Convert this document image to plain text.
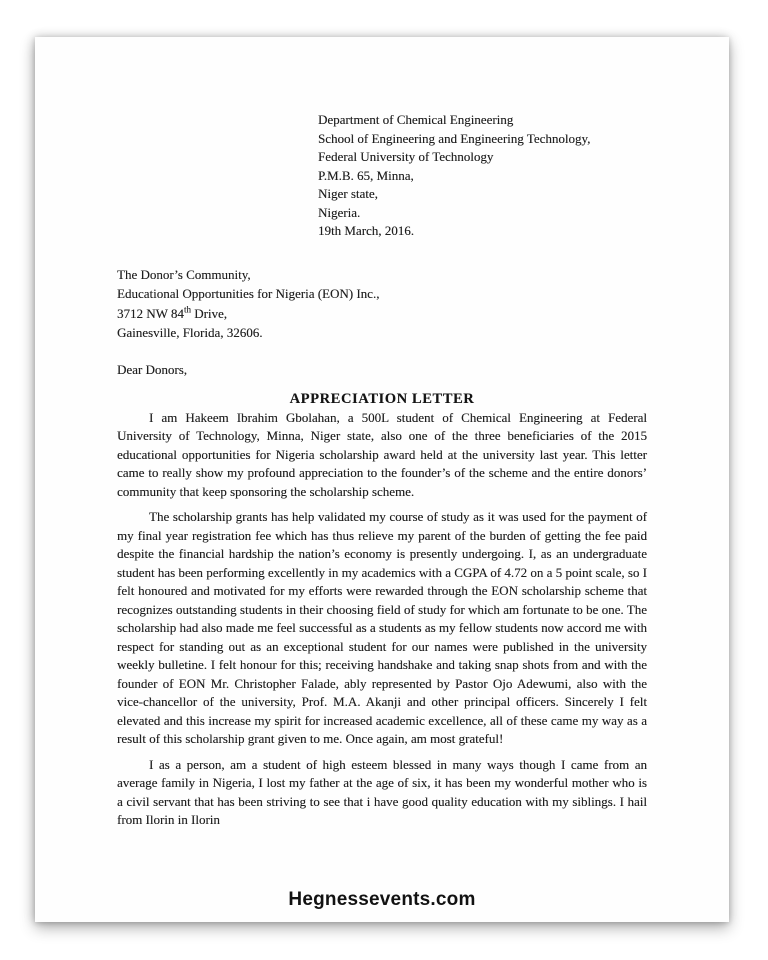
Department of Chemical Engineering
School of Engineering and Engineering Technology,
Federal University of Technology
P.M.B. 65, Minna,
Niger state,
Nigeria.
19th March, 2016.
The Donor’s Community,
Educational Opportunities for Nigeria (EON) Inc.,
3712 NW 84th Drive,
Gainesville, Florida, 32606.
Dear Donors,
APPRECIATION LETTER

I am Hakeem Ibrahim Gbolahan, a 500L student of Chemical Engineering at Federal University of Technology, Minna, Niger state, also one of the three beneficiaries of the 2015 educational opportunities for Nigeria scholarship award held at the university last year. This letter came to really show my profound appreciation to the founder’s of the scheme and the entire donors’ community that keep sponsoring the scholarship scheme.

The scholarship grants has help validated my course of study as it was used for the payment of my final year registration fee which has thus relieve my parent of the burden of getting the fee paid despite the financial hardship the nation’s economy is presently undergoing. I, as an undergraduate student has been performing excellently in my academics with a CGPA of 4.72 on a 5 point scale, so I felt honoured and motivated for my efforts were rewarded through the EON scholarship scheme that recognizes outstanding students in their choosing field of study for which am fortunate to be one. The scholarship had also made me feel successful as a students as my fellow students now accord me with respect for standing out as an exceptional student for our names were published in the university weekly bulletine. I felt honour for this; receiving handshake and taking snap shots from and with the founder of EON Mr. Christopher Falade, ably represented by Pastor Ojo Adewumi, also with the vice-chancellor of the university, Prof. M.A. Akanji and other principal officers. Sincerely I felt elevated and this increase my spirit for increased academic excellence, all of these came my way as a result of this scholarship grant given to me. Once again, am most grateful!

I as a person, am a student of high esteem blessed in many ways though I came from an average family in Nigeria, I lost my father at the age of six, it has been my wonderful mother who is a civil servant that has been striving to see that i have good quality education with my siblings. I hail from Ilorin in Ilorin

Hegnessevents.com
